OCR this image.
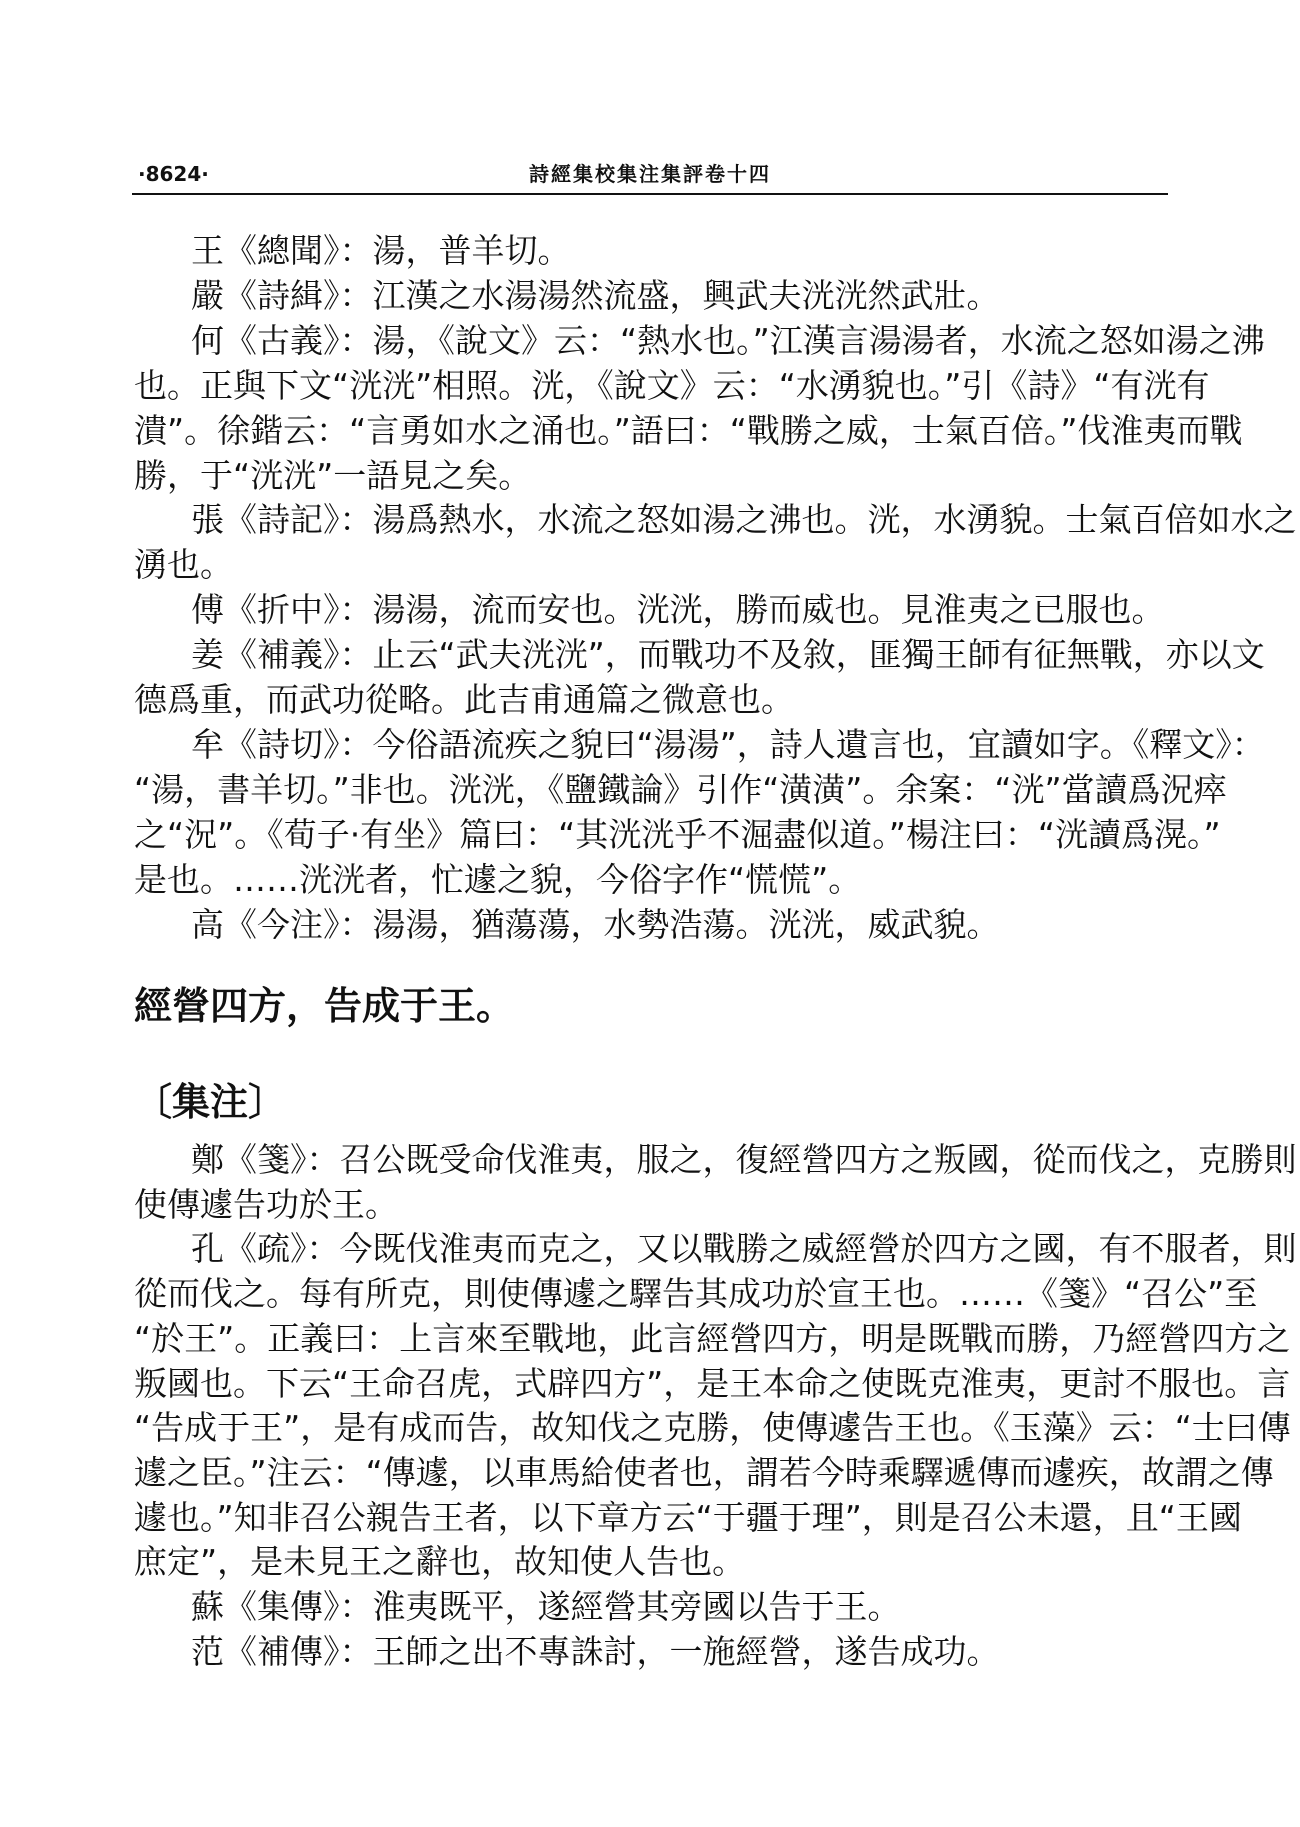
·8624·	詩經集校集注集評卷十四
王《總聞》：湯，普羊切。
嚴《詩緝》：江漢之水湯湯然流盛，興武夫洸洸然武壯。
何《古義》：湯，《說文》云：“熱水也。”江漢言湯湯者，水流之怒如湯之沸
也。正與下文“洸洸”相照。洸，《說文》云：“水湧貌也。”引《詩》“有洸有
潰”。徐鍇云：“言勇如水之涌也。”語曰：“戰勝之威，士氣百倍。”伐淮夷而戰
勝，于“洸洸”一語見之矣。
張《詩記》：湯爲熱水，水流之怒如湯之沸也。洸，水湧貌。士氣百倍如水之
湧也。
傅《折中》：湯湯，流而安也。洸洸，勝而威也。見淮夷之已服也。
姜《補義》：止云“武夫洸洸”，而戰功不及敘，匪獨王師有征無戰，亦以文
德爲重，而武功從略。此吉甫通篇之微意也。
牟《詩切》：今俗語流疾之貌曰“湯湯”，詩人遺言也，宜讀如字。《釋文》：
“湯，書羊切。”非也。洸洸，《鹽鐵論》引作“潢潢”。余案：“洸”當讀爲況瘁
之“況”。《荀子·有坐》篇曰：“其洸洸乎不淈盡似道。”楊注曰：“洸讀爲滉。”
是也。……洸洸者，忙遽之貌，今俗字作“慌慌”。
高《今注》：湯湯，猶蕩蕩，水勢浩蕩。洸洸，威武貌。
經營四方，告成于王。
〔集注〕
鄭《箋》：召公既受命伐淮夷，服之，復經營四方之叛國，從而伐之，克勝則
使傳遽告功於王。
孔《疏》：今既伐淮夷而克之，又以戰勝之威經營於四方之國，有不服者，則
從而伐之。每有所克，則使傳遽之驛告其成功於宣王也。……《箋》“召公”至
“於王”。正義曰：上言來至戰地，此言經營四方，明是既戰而勝，乃經營四方之
叛國也。下云“王命召虎，式辟四方”，是王本命之使既克淮夷，更討不服也。言
“告成于王”，是有成而告，故知伐之克勝，使傳遽告王也。《玉藻》云：“士曰傳
遽之臣。”注云：“傳遽，以車馬給使者也，謂若今時乘驛遞傳而遽疾，故謂之傳
遽也。”知非召公親告王者，以下章方云“于疆于理”，則是召公未還，且“王國
庶定”，是未見王之辭也，故知使人告也。
蘇《集傳》：淮夷既平，遂經營其旁國以告于王。
范《補傳》：王師之出不專誅討，一施經營，遂告成功。
